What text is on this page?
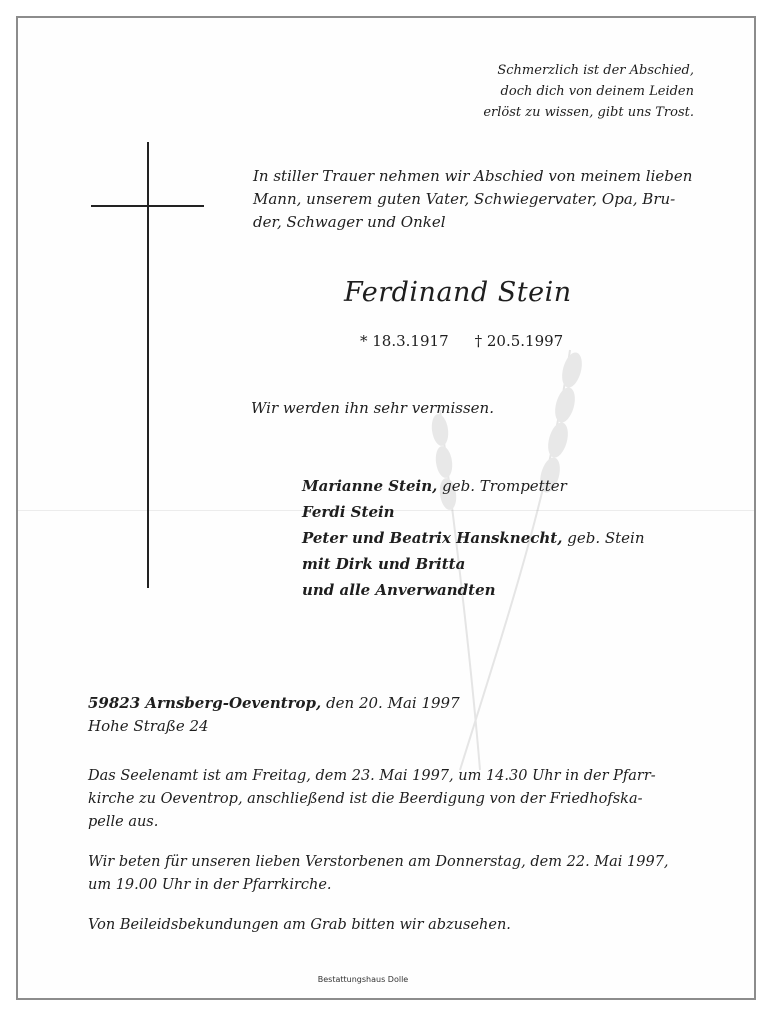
Schmerzlich ist der Abschied,
doch dich von deinem Leiden
erlöst zu wissen, gibt uns Trost.
In stiller Trauer nehmen wir Abschied von meinem lieben
Mann, unserem guten Vater, Schwiegervater, Opa, Bru-
der, Schwager und Onkel
Ferdinand Stein
* 18.3.1917 † 20.5.1997
Wir werden ihn sehr vermissen.
Marianne Stein, geb. Trompetter
Ferdi Stein
Peter und Beatrix Hansknecht, geb. Stein
mit Dirk und Britta
und alle Anverwandten
59823 Arnsberg-Oeventrop, den 20. Mai 1997
Hohe Straße 24
Das Seelenamt ist am Freitag, dem 23. Mai 1997, um 14.30 Uhr in der Pfarr-
kirche zu Oeventrop, anschließend ist die Beerdigung von der Friedhofska-
pelle aus.
Wir beten für unseren lieben Verstorbenen am Donnerstag, dem 22. Mai 1997,
um 19.00 Uhr in der Pfarrkirche.
Von Beileidsbekundungen am Grab bitten wir abzusehen.
Bestattungshaus Dolle
